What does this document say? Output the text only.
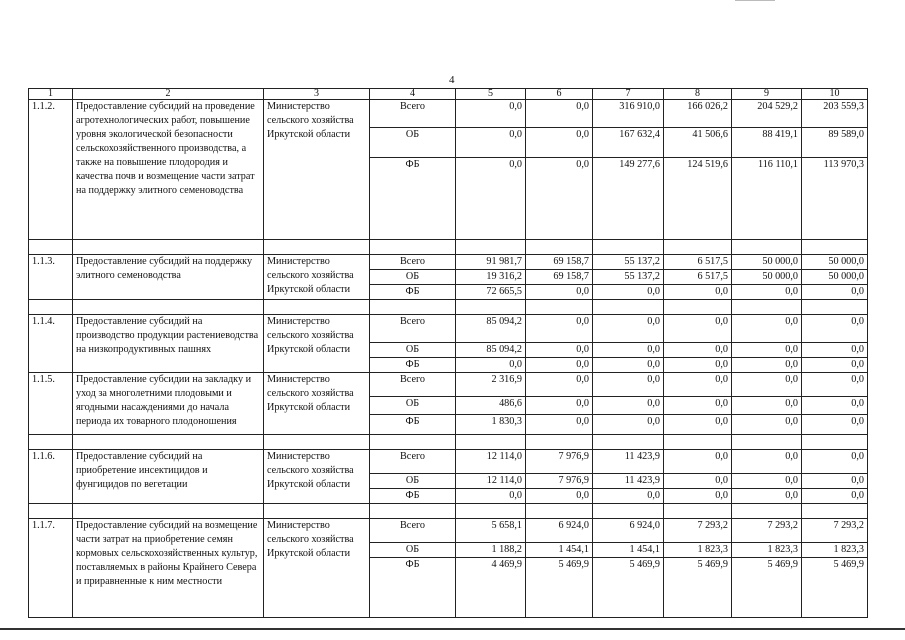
4
1	2	3	4	5	6	7	8	9	10
1.1.2.	Предоставление субсидий на проведение агротехнологических работ, повышение уровня экологической безопасности сельскохозяйственного производства, а также на повышение плодородия и качества почв и возмещение части затрат на поддержку элитного семеноводства	Министерство сельского хозяйства Иркутской области	Всего	0,0	0,0	316 910,0	166 026,2	204 529,2	203 559,3
			ОБ	0,0	0,0	167 632,4	41 506,6	88 419,1	89 589,0
			ФБ	0,0	0,0	149 277,6	124 519,6	116 110,1	113 970,3

1.1.3.	Предоставление субсидий на поддержку элитного семеноводства	Министерство сельского хозяйства Иркутской области	Всего	91 981,7	69 158,7	55 137,2	6 517,5	50 000,0	50 000,0
			ОБ	19 316,2	69 158,7	55 137,2	6 517,5	50 000,0	50 000,0
			ФБ	72 665,5	0,0	0,0	0,0	0,0	0,0

1.1.4.	Предоставление субсидий на производство продукции растениеводства на низкопродуктивных пашнях	Министерство сельского хозяйства Иркутской области	Всего	85 094,2	0,0	0,0	0,0	0,0	0,0
			ОБ	85 094,2	0,0	0,0	0,0	0,0	0,0
			ФБ	0,0	0,0	0,0	0,0	0,0	0,0
1.1.5.	Предоставление субсидии на закладку и уход за многолетними плодовыми и ягодными насаждениями до начала периода их товарного плодоношения	Министерство сельского хозяйства Иркутской области	Всего	2 316,9	0,0	0,0	0,0	0,0	0,0
			ОБ	486,6	0,0	0,0	0,0	0,0	0,0
			ФБ	1 830,3	0,0	0,0	0,0	0,0	0,0

1.1.6.	Предоставление субсидий на приобретение инсектицидов и фунгицидов по вегетации	Министерство сельского хозяйства Иркутской области	Всего	12 114,0	7 976,9	11 423,9	0,0	0,0	0,0
			ОБ	12 114,0	7 976,9	11 423,9	0,0	0,0	0,0
			ФБ	0,0	0,0	0,0	0,0	0,0	0,0

1.1.7.	Предоставление субсидий на возмещение части затрат на приобретение семян кормовых сельскохозяйственных культур, поставляемых в районы Крайнего Севера и приравненные к ним местности	Министерство сельского хозяйства Иркутской области	Всего	5 658,1	6 924,0	6 924,0	7 293,2	7 293,2	7 293,2
			ОБ	1 188,2	1 454,1	1 454,1	1 823,3	1 823,3	1 823,3
			ФБ	4 469,9	5 469,9	5 469,9	5 469,9	5 469,9	5 469,9
